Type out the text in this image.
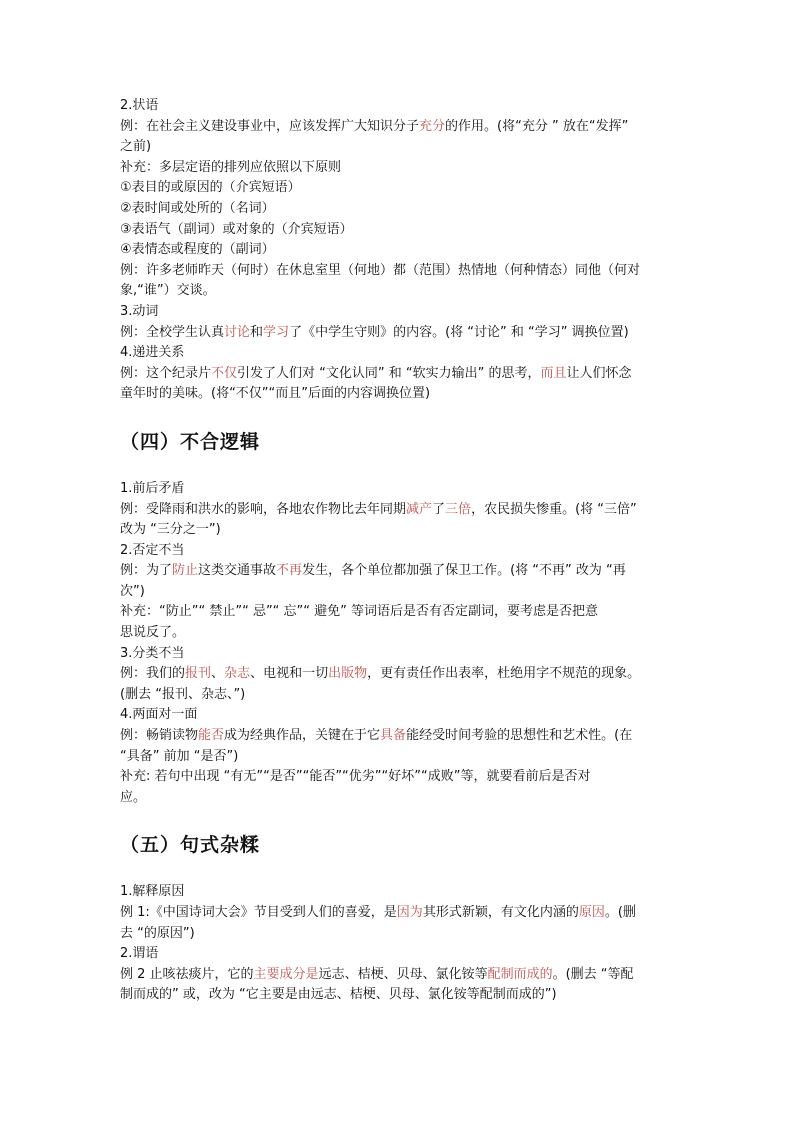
2.状语
例：在社会主义建设事业中，应该发挥广大知识分子充分的作用。(将“充分 ” 放在“发挥”
之前)
补充：多层定语的排列应依照以下原则
①表目的或原因的（介宾短语）
②表时间或处所的（名词）
③表语气（副词）或对象的（介宾短语）
④表情态或程度的（副词）
例：许多老师昨天（何时）在休息室里（何地）都（范围）热情地（何种情态）同他（何对
象,“谁”）交谈。
3.动词
例：全校学生认真讨论和学习了《中学生守则》的内容。(将 “讨论” 和 “学习” 调换位置)
4.递进关系
例：这个纪录片不仅引发了人们对 “文化认同” 和 “软实力输出” 的思考，而且让人们怀念
童年时的美味。(将“不仅”“而且”后面的内容调换位置)
（四）不合逻辑
1.前后矛盾
例：受降雨和洪水的影响，各地农作物比去年同期减产了三倍，农民损失惨重。(将 “三倍”
改为 “三分之一”)
2.否定不当
例：为了防止这类交通事故不再发生，各个单位都加强了保卫工作。(将 “不再” 改为 “再
次”)
补充：“防止”“ 禁止”“ 忌”“ 忘”“ 避免” 等词语后是否有否定副词，要考虑是否把意
思说反了。
3.分类不当
例：我们的报刊、杂志、电视和一切出版物，更有责任作出表率，杜绝用字不规范的现象。
(删去 “报刊、杂志、”)
4.两面对一面
例：畅销读物能否成为经典作品，关键在于它具备能经受时间考验的思想性和艺术性。(在
“具备” 前加 “是否”)
补充: 若句中出现 “有无”“是否”“能否”“优劣”“好坏”“成败”等，就要看前后是否对
应。
（五）句式杂糅
1.解释原因
例 1:《中国诗词大会》节目受到人们的喜爱，是因为其形式新颖，有文化内涵的原因。(删
去 “的原因”)
2.谓语
例 2 止咳祛痰片，它的主要成分是远志、桔梗、贝母、氯化铵等配制而成的。(删去 “等配
制而成的” 或，改为 “它主要是由远志、桔梗、贝母、氯化铵等配制而成的”)
